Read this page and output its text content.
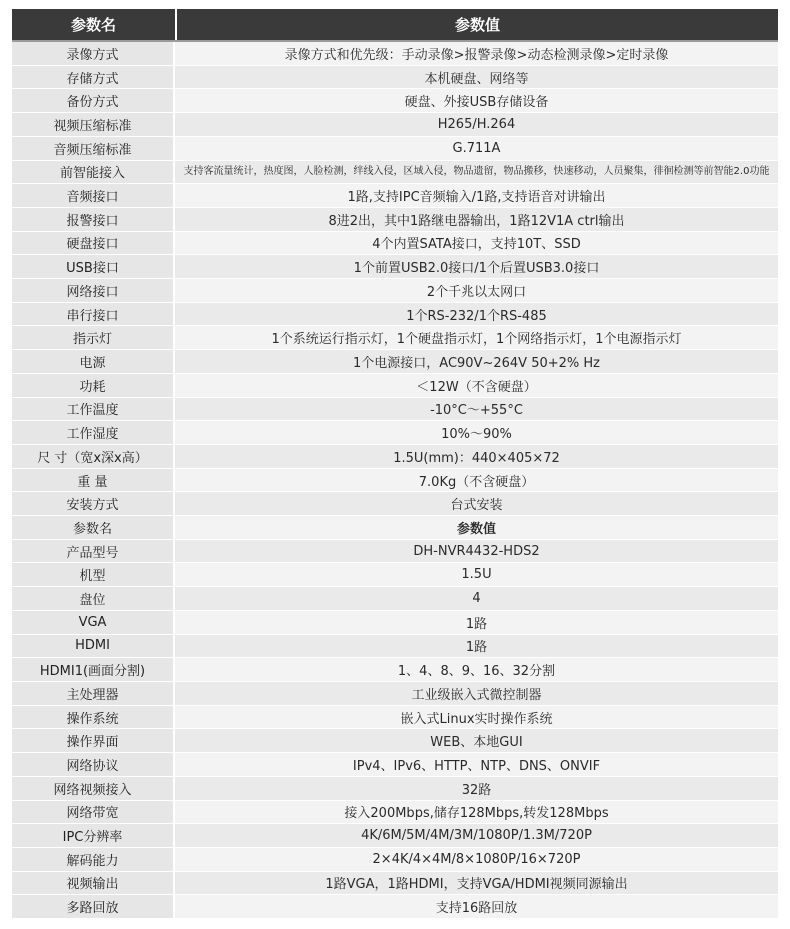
参数名	参数值
录像方式	录像方式和优先级：手动录像>报警录像>动态检测录像>定时录像
存储方式	本机硬盘、网络等
备份方式	硬盘、外接USB存储设备
视频压缩标准	H265/H.264
音频压缩标准	G.711A
前智能接入	支持客流量统计，热度图，人脸检测，绊线入侵，区域入侵，物品遗留， 物品搬移，快速移动，人员聚集，徘徊检测等前智能2.0功能
音频接口	1路,支持IPC音频输入/1路,支持语音对讲输出
报警接口	8进2出，其中1路继电器输出，1路12V1A ctrl输出
硬盘接口	4个内置SATA接口，支持10T、SSD
USB接口	1个前置USB2.0接口/1个后置USB3.0接口
网络接口	2个千兆以太网口
串行接口	1个RS-232/1个RS-485
指示灯	1个系统运行指示灯，1个硬盘指示灯，1个网络指示灯，1个电源指示灯
电源	1个电源接口，AC90V~264V 50+2% Hz
功耗	＜12W（不含硬盘）
工作温度	-10°C～+55°C
工作湿度	10%～90%
尺 寸（宽x深x高）	1.5U(mm)：440×405×72
重 量	7.0Kg（不含硬盘）
安装方式	台式安装
参数名	参数值
产品型号	DH-NVR4432-HDS2
机型	1.5U
盘位	4
VGA	1路
HDMI	1路
HDMI1(画面分割)	1、4、8、9、16、32分割
主处理器	工业级嵌入式微控制器
操作系统	嵌入式Linux实时操作系统
操作界面	WEB、本地GUI
网络协议	IPv4、IPv6、HTTP、NTP、DNS、ONVIF
网络视频接入	32路
网络带宽	接入200Mbps,储存128Mbps,转发128Mbps
IPC分辨率	4K/6M/5M/4M/3M/1080P/1.3M/720P
解码能力	2×4K/4×4M/8×1080P/16×720P
视频输出	1路VGA，1路HDMI，支持VGA/HDMI视频同源输出
多路回放	支持16路回放
